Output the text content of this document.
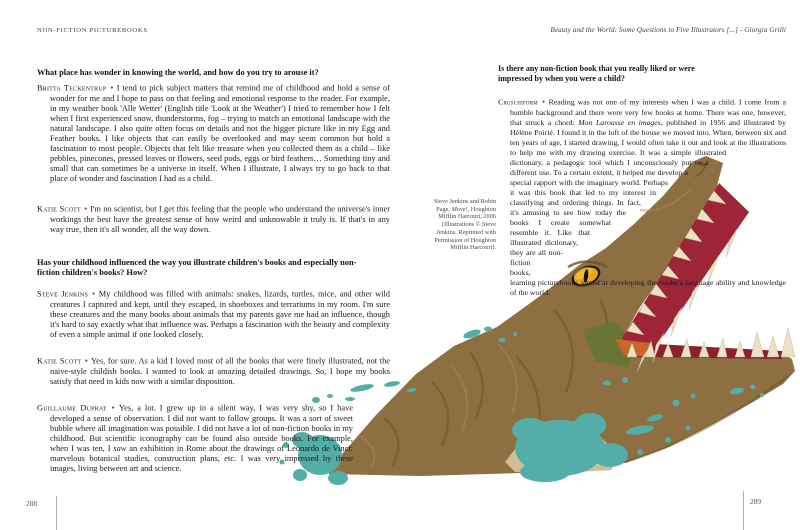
NON-FICTION PICTUREBOOKS
What place has wonder in knowing the world, and how do you try to arouse it?

Britta Teckentrup ● I tend to pick subject matters that remind me of childhood and hold a sense of wonder for me and I hope to pass on that feeling and emotional response to the reader. For example, in my weather book 'Alle Wetter' (English title 'Look at the Weather') I tried to remember how I felt when I first experienced snow, thunderstorms, fog – trying to match an emotional landscape with the natural landscape. I also quite often focus on details and not the bigger picture like in my Egg and Feather books. I like objects that can easily be overlooked and may seem common but hold a fascination to most people. Objects that felt like treasure when you collected them as a child – like pebbles, pinecones, pressed leaves or flowers, seed pods, eggs or bird feathers… Something tiny and small that can sometimes be a universe in itself. When I illustrate, I always try to go back to that place of wonder and fascination I had as a child.

Katie Scott ● I'm no scientist, but I get this feeling that the people who understand the universe's inner workings the best have the greatest sense of how weird and unknowable it truly is. If that's in any way true, then it's all wonder, all the way down.

Has your childhood influenced the way you illustrate children's books and especially non-fiction children's books? How?

Steve Jenkins ● My childhood was filled with animals: snakes, lizards, turtles, mice, and other wild creatures I captured and kept, until they escaped, in shoeboxes and terrariums in my room. I'm sure these creatures and the many books about animals that my parents gave me had an influence, though it's hard to say exactly what that influence was. Perhaps a fascination with the beauty and complexity of even a simple animal if one looked closely.

Katie Scott ● Yes, for sure. As a kid I loved most of all the books that were finely illustrated, not the naive-style childish books. I wanted to look at amazing detailed drawings. So, I hope my books satisfy that need in kids now with a similar disposition.

Guillaume Duprat ● Yes, a lot. I grew up in a silent way, I was very shy, so I have developed a sense of observation. I did not want to follow groups. It was a sort of sweet bubble where all imagination was possible. I did not have a lot of non-fiction books in my childhood. But scientific iconography can be found also outside books. For example, when I was ten, I saw an exhibition in Rome about the drawings of Leonardo de Vinci: marvelous botanical studies, construction plans, etc. I was very impressed by these images, living between art and science.

Beauty and the World: Some Questions to Five Illustrators [...] - Giorgia Grilli
Is there any non-fiction book that you really liked or were impressed by when you were a child?

Cruschiform ● Reading was not one of my interests when I was a child. I come from a humble background and there were very few books at home. There was one, however, that struck a chord: Mon Larousse en images, published in 1956 and illustrated by Hélène Poirié. I found it in the loft of the house we moved into. When, between six and ten years of age, I started drawing, I would often take it out and look at the illustrations to help me with my drawing exercise. It was a simple illustrated dictionary, a pedagogic tool which I unconsciously put to a different use. To a certain extent, it helped me develop a special rapport with the imaginary world. Perhaps it was this book that led to my interest in classifying and ordering things. In fact, it's amusing to see how today the books I create somewhat resemble it. Like that illustrated dictionary, they are all non-fiction books, learning picturebooks aimed at developing the reader's language ability and knowledge of the world.

Steve Jenkins and Robin Page, Move!, Houghton Mifflin Harcourt, 2006 (Illustrations © Steve Jenkins. Reprinted with Permission of Houghton Mifflin Harcourt).
288	289
